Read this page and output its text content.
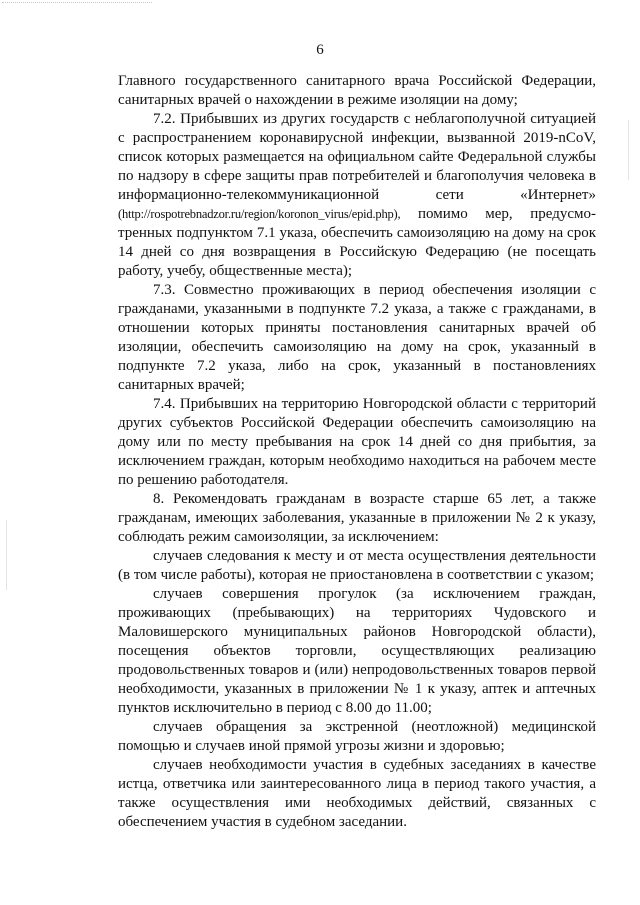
6

Главного государственного санитарного врача Российской Федерации, санитарных врачей о нахождении в режиме изоляции на дому;

7.2. Прибывших из других государств с неблагополучной ситуацией с распространением коронавирусной инфекции, вызванной 2019-nCoV, список которых размещается на официальном сайте Федеральной службы по надзору в сфере защиты прав потребителей и благополучия человека в информационно-телекоммуникационной сети «Интернет» (http://rospotrebnadzor.ru/region/koronon_virus/epid.php), помимо мер, предусмотренных подпунктом 7.1 указа, обеспечить самоизоляцию на дому на срок 14 дней со дня возвращения в Российскую Федерацию (не посещать работу, учебу, общественные места);

7.3. Совместно проживающих в период обеспечения изоляции с гражданами, указанными в подпункте 7.2 указа, а также с гражданами, в отношении которых приняты постановления санитарных врачей об изоляции, обеспечить самоизоляцию на дому на срок, указанный в подпункте 7.2 указа, либо на срок, указанный в постановлениях санитарных врачей;

7.4. Прибывших на территорию Новгородской области с территорий других субъектов Российской Федерации обеспечить самоизоляцию на дому или по месту пребывания на срок 14 дней со дня прибытия, за исключением граждан, которым необходимо находиться на рабочем месте по решению работодателя.

8. Рекомендовать гражданам в возрасте старше 65 лет, а также гражданам, имеющих заболевания, указанные в приложении № 2 к указу, соблюдать режим самоизоляции, за исключением:

случаев следования к месту и от места осуществления деятельности (в том числе работы), которая не приостановлена в соответствии с указом;

случаев совершения прогулок (за исключением граждан, проживающих (пребывающих) на территориях Чудовского и Маловишерского муниципальных районов Новгородской области), посещения объектов торговли, осуществляющих реализацию продовольственных товаров и (или) непродовольственных товаров первой необходимости, указанных в приложении № 1 к указу, аптек и аптечных пунктов исключительно в период с 8.00 до 11.00;

случаев обращения за экстренной (неотложной) медицинской помощью и случаев иной прямой угрозы жизни и здоровью;

случаев необходимости участия в судебных заседаниях в качестве истца, ответчика или заинтересованного лица в период такого участия, а также осуществления ими необходимых действий, связанных с обеспечением участия в судебном заседании.
